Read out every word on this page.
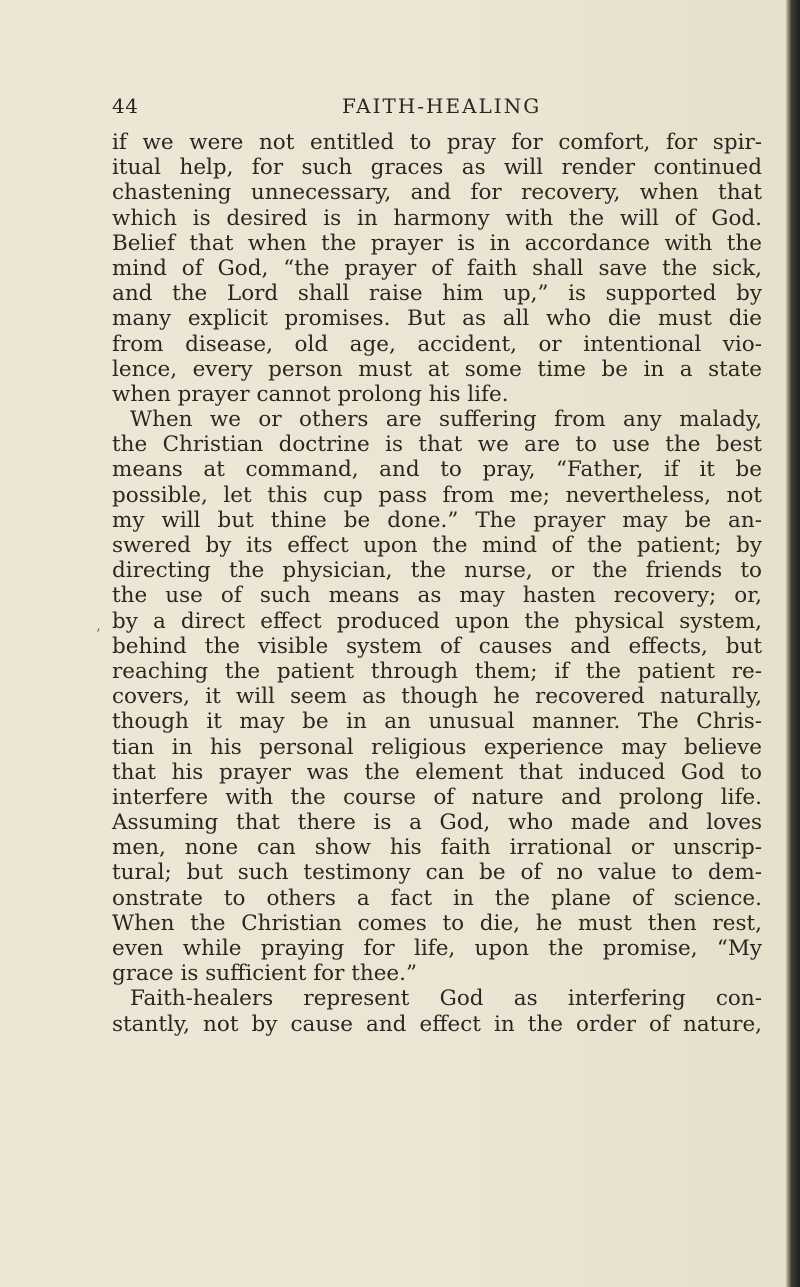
44	FAITH-HEALING
’
if we were not entitled to pray for comfort, for spir-
itual help, for such graces as will render continued
chastening unnecessary, and for recovery, when that
which is desired is in harmony with the will of God.
Belief that when the prayer is in accordance with the
mind of God, “the prayer of faith shall save the sick,
and the Lord shall raise him up,” is supported by
many explicit promises. But as all who die must die
from disease, old age, accident, or intentional vio-
lence, every person must at some time be in a state
when prayer cannot prolong his life.
When we or others are suffering from any malady,
the Christian doctrine is that we are to use the best
means at command, and to pray, “Father, if it be
possible, let this cup pass from me; nevertheless, not
my will but thine be done.” The prayer may be an-
swered by its effect upon the mind of the patient; by
directing the physician, the nurse, or the friends to
the use of such means as may hasten recovery; or,
by a direct effect produced upon the physical system,
behind the visible system of causes and effects, but
reaching the patient through them; if the patient re-
covers, it will seem as though he recovered naturally,
though it may be in an unusual manner. The Chris-
tian in his personal religious experience may believe
that his prayer was the element that induced God to
interfere with the course of nature and prolong life.
Assuming that there is a God, who made and loves
men, none can show his faith irrational or unscrip-
tural; but such testimony can be of no value to dem-
onstrate to others a fact in the plane of science.
When the Christian comes to die, he must then rest,
even while praying for life, upon the promise, “My
grace is sufficient for thee.”
Faith-healers represent God as interfering con-
stantly, not by cause and effect in the order of nature,
